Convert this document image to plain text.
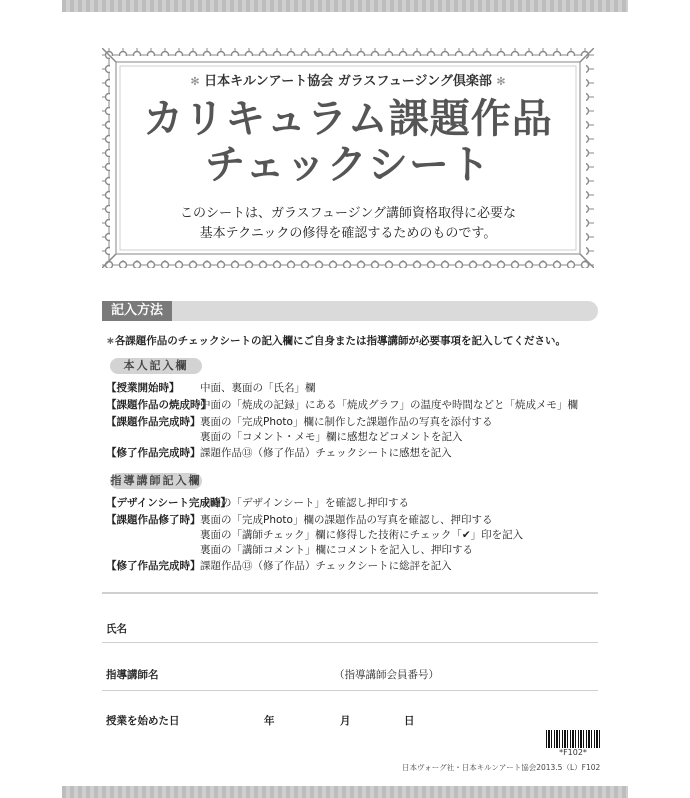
✻ 日本キルンアート協会 ガラスフュージング倶楽部 ✻
カリキュラム課題作品
チェックシート
このシートは、ガラスフュージング講師資格取得に必要な
基本テクニックの修得を確認するためのものです。
記入方法
∗各課題作品のチェックシートの記入欄にご自身または指導講師が必要事項を記入してください。
本人記入欄
【授業開始時】 中面、裏面の「氏名」欄
【課題作品の焼成時】中面の「焼成の記録」にある「焼成グラフ」の温度や時間などと「焼成メモ」欄
【課題作品完成時】裏面の「完成Photo」欄に制作した課題作品の写真を添付する
裏面の「コメント・メモ」欄に感想などコメントを記入
【修了作品完成時】課題作品⑬（修了作品）チェックシートに感想を記入
指導講師記入欄
【デザインシート完成時】中面の「デザインシート」を確認し押印する
【課題作品修了時】裏面の「完成Photo」欄の課題作品の写真を確認し、押印する
裏面の「講師チェック」欄に修得した技術にチェック「✔」印を記入
裏面の「講師コメント」欄にコメントを記入し、押印する
【修了作品完成時】課題作品⑬（修了作品）チェックシートに総評を記入
氏名
指導講師名	（指導講師会員番号）
授業を始めた日	年	月	日
*F102*
日本ヴォーグ社・日本キルンアート協会2013.5（L）F102
